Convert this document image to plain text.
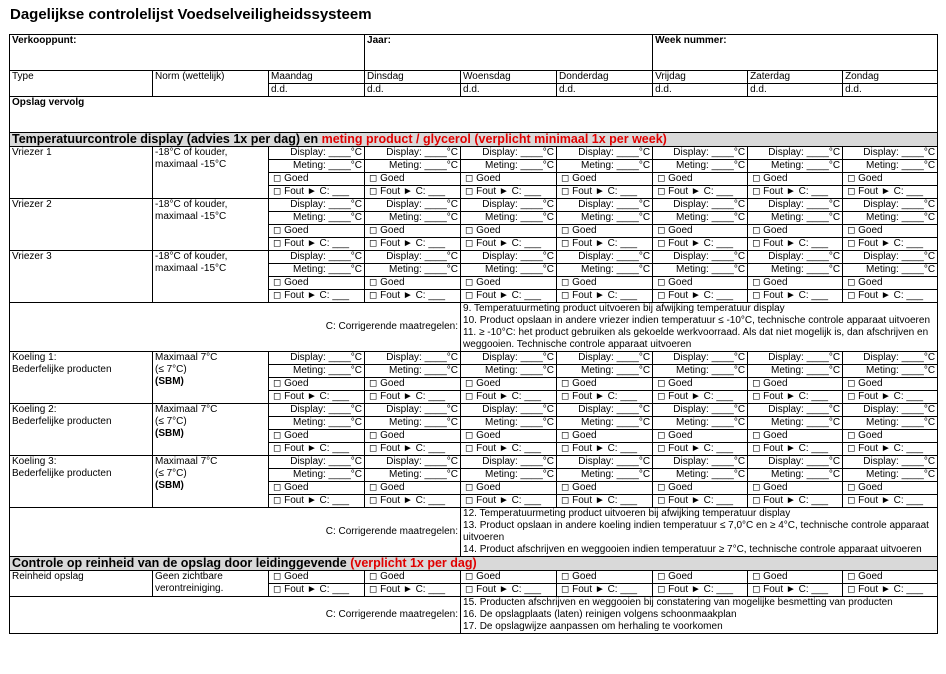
Dagelijkse controlelijst Voedselveiligheidssysteem
Verkooppunt:			Jaar:			Week nummer:		
Type	Norm (wettelijk)	Maandag	Dinsdag	Woensdag	Donderdag	Vrijdag	Zaterdag	Zondag
		d.d.	d.d.	d.d.	d.d.	d.d.	d.d.	d.d.
Opslag vervolg								
Temperatuurcontrole display (advies 1x per dag) en meting product / glycerol (verplicht minimaal 1x per week)								
Vriezer 1	-18°C of kouder,
maximaal -15°C	Display: ____°C	Display: ____°C	Display: ____°C	Display: ____°C	Display: ____°C	Display: ____°C	Display: ____°C
		Meting: ____°C	Meting: ____°C	Meting: ____°C	Meting: ____°C	Meting: ____°C	Meting: ____°C	Meting: ____°C
		◻ Goed	◻ Goed	◻ Goed	◻ Goed	◻ Goed	◻ Goed	◻ Goed
		◻ Fout ► C: ___	◻ Fout ► C: ___	◻ Fout ► C: ___	◻ Fout ► C: ___	◻ Fout ► C: ___	◻ Fout ► C: ___	◻ Fout ► C: ___
Vriezer 2	-18°C of kouder,
maximaal -15°C	Display: ____°C	Display: ____°C	Display: ____°C	Display: ____°C	Display: ____°C	Display: ____°C	Display: ____°C
		Meting: ____°C	Meting: ____°C	Meting: ____°C	Meting: ____°C	Meting: ____°C	Meting: ____°C	Meting: ____°C
		◻ Goed	◻ Goed	◻ Goed	◻ Goed	◻ Goed	◻ Goed	◻ Goed
		◻ Fout ► C: ___	◻ Fout ► C: ___	◻ Fout ► C: ___	◻ Fout ► C: ___	◻ Fout ► C: ___	◻ Fout ► C: ___	◻ Fout ► C: ___
Vriezer 3	-18°C of kouder,
maximaal -15°C	Display: ____°C	Display: ____°C	Display: ____°C	Display: ____°C	Display: ____°C	Display: ____°C	Display: ____°C
		Meting: ____°C	Meting: ____°C	Meting: ____°C	Meting: ____°C	Meting: ____°C	Meting: ____°C	Meting: ____°C
		◻ Goed	◻ Goed	◻ Goed	◻ Goed	◻ Goed	◻ Goed	◻ Goed
		◻ Fout ► C: ___	◻ Fout ► C: ___	◻ Fout ► C: ___	◻ Fout ► C: ___	◻ Fout ► C: ___	◻ Fout ► C: ___	◻ Fout ► C: ___
C: Corrigerende maatregelen:				9. Temperatuurmeting product uitvoeren bij afwijking temperatuur display
10. Product opslaan in andere vriezer indien temperatuur ≤ -10°C, technische controle apparaat uitvoeren
11. ≥ -10°C: het product gebruiken als gekoelde werkvoorraad. Als dat niet mogelijk is, dan afschrijven en weggooien. Technische controle apparaat uitvoeren				

Koeling 1:
Bederfelijke producten	Maximaal 7°C
(≤ 7°C)
(SBM)	Display: ____°C	Display: ____°C	Display: ____°C	Display: ____°C	Display: ____°C	Display: ____°C	Display: ____°C
		Meting: ____°C	Meting: ____°C	Meting: ____°C	Meting: ____°C	Meting: ____°C	Meting: ____°C	Meting: ____°C
		◻ Goed	◻ Goed	◻ Goed	◻ Goed	◻ Goed	◻ Goed	◻ Goed
		◻ Fout ► C: ___	◻ Fout ► C: ___	◻ Fout ► C: ___	◻ Fout ► C: ___	◻ Fout ► C: ___	◻ Fout ► C: ___	◻ Fout ► C: ___
Koeling 2:
Bederfelijke producten	Maximaal 7°C
(≤ 7°C)
(SBM)	Display: ____°C	Display: ____°C	Display: ____°C	Display: ____°C	Display: ____°C	Display: ____°C	Display: ____°C
		Meting: ____°C	Meting: ____°C	Meting: ____°C	Meting: ____°C	Meting: ____°C	Meting: ____°C	Meting: ____°C
		◻ Goed	◻ Goed	◻ Goed	◻ Goed	◻ Goed	◻ Goed	◻ Goed
		◻ Fout ► C: ___	◻ Fout ► C: ___	◻ Fout ► C: ___	◻ Fout ► C: ___	◻ Fout ► C: ___	◻ Fout ► C: ___	◻ Fout ► C: ___
Koeling 3:
Bederfelijke producten	Maximaal 7°C
(≤ 7°C)
(SBM)	Display: ____°C	Display: ____°C	Display: ____°C	Display: ____°C	Display: ____°C	Display: ____°C	Display: ____°C
		Meting: ____°C	Meting: ____°C	Meting: ____°C	Meting: ____°C	Meting: ____°C	Meting: ____°C	Meting: ____°C
		◻ Goed	◻ Goed	◻ Goed	◻ Goed	◻ Goed	◻ Goed	◻ Goed
		◻ Fout ► C: ___	◻ Fout ► C: ___	◻ Fout ► C: ___	◻ Fout ► C: ___	◻ Fout ► C: ___	◻ Fout ► C: ___	◻ Fout ► C: ___
C: Corrigerende maatregelen:				12. Temperatuurmeting product uitvoeren bij afwijking temperatuur display
13. Product opslaan in andere koeling indien temperatuur ≤ 7,0°C en ≥ 4°C, technische controle apparaat uitvoeren
14. Product afschrijven en weggooien indien temperatuur ≥ 7°C, technische controle apparaat uitvoeren				

Controle op reinheid van de opslag door leidinggevende (verplicht 1x per dag)								
Reinheid opslag	Geen zichtbare
verontreiniging.	◻ Goed	◻ Goed	◻ Goed	◻ Goed	◻ Goed	◻ Goed	◻ Goed
		◻ Fout ► C: ___	◻ Fout ► C: ___	◻ Fout ► C: ___	◻ Fout ► C: ___	◻ Fout ► C: ___	◻ Fout ► C: ___	◻ Fout ► C: ___
C: Corrigerende maatregelen:				15. Producten afschrijven en weggooien bij constatering van mogelijke besmetting van producten
16. De opslagplaats (laten) reinigen volgens schoonmaakplan
17. De opslagwijze aanpassen om herhaling te voorkomen				
